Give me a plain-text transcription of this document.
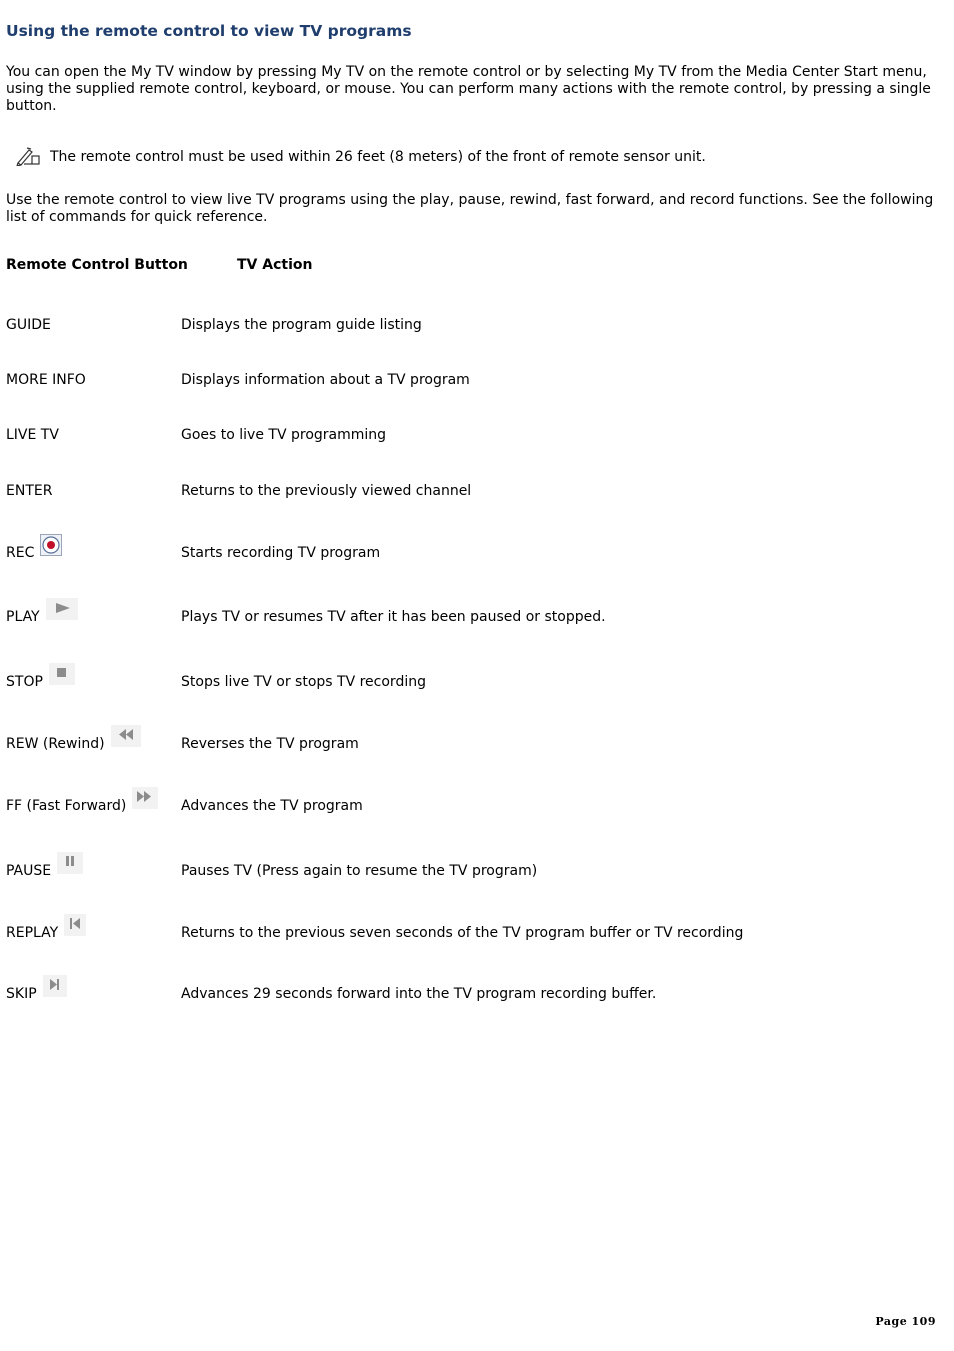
Using the remote control to view TV programs

You can open the My TV window by pressing My TV on the remote control or by selecting My TV from the Media Center Start menu, using the supplied remote control, keyboard, or mouse. You can perform many actions with the remote control, by pressing a single button.

The remote control must be used within 26 feet (8 meters) of the front of remote sensor unit.

Use the remote control to view live TV programs using the play, pause, rewind, fast forward, and record functions. See the following list of commands for quick reference.

Remote Control Button	TV Action
GUIDE	Displays the program guide listing
MORE INFO	Displays information about a TV program
LIVE TV	Goes to live TV programming
ENTER	Returns to the previously viewed channel
REC	Starts recording TV program
PLAY	Plays TV or resumes TV after it has been paused or stopped.
STOP	Stops live TV or stops TV recording
REW (Rewind)	Reverses the TV program
FF (Fast Forward)	Advances the TV program
PAUSE	Pauses TV (Press again to resume the TV program)
REPLAY	Returns to the previous seven seconds of the TV program buffer or TV recording
SKIP	Advances 29 seconds forward into the TV program recording buffer.
Page 109
